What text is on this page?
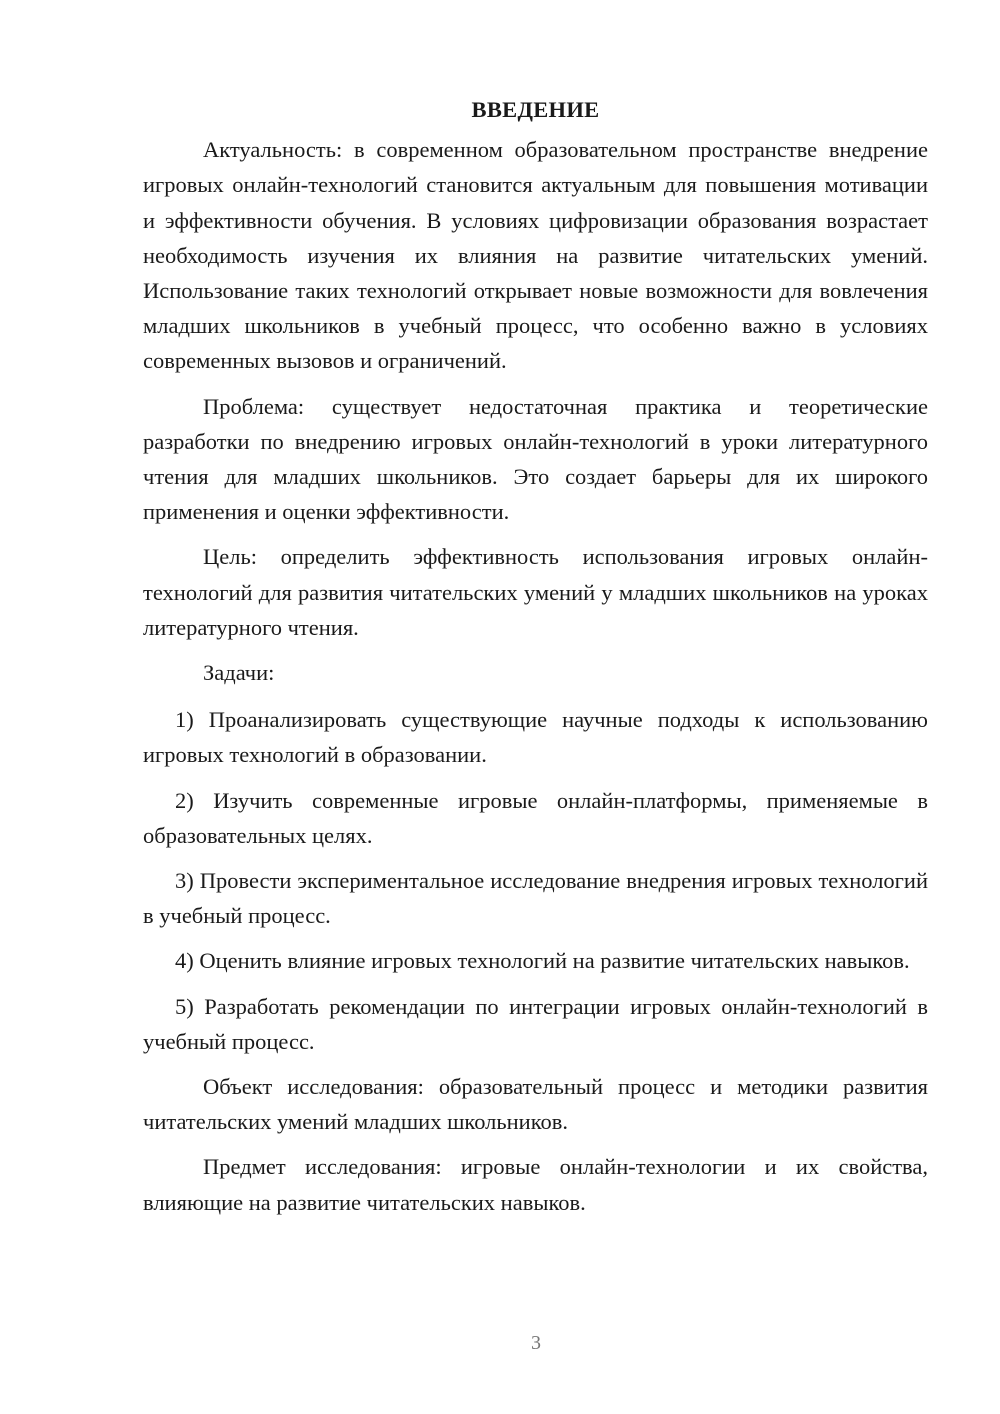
ВВЕДЕНИЕ

Актуальность: в современном образовательном пространстве внедрение игровых онлайн-технологий становится актуальным для повышения мотивации и эффективности обучения. В условиях цифровизации образования возрастает необходимость изучения их влияния на развитие читательских умений. Использование таких технологий открывает новые возможности для вовлечения младших школьников в учебный процесс, что особенно важно в условиях современных вызовов и ограничений.

Проблема: существует недостаточная практика и теоретические разработки по внедрению игровых онлайн-технологий в уроки литературного чтения для младших школьников. Это создает барьеры для их широкого применения и оценки эффективности.

Цель: определить эффективность использования игровых онлайн-технологий для развития читательских умений у младших школьников на уроках литературного чтения.

Задачи:

1) Проанализировать существующие научные подходы к использованию игровых технологий в образовании.

2) Изучить современные игровые онлайн-платформы, применяемые в образовательных целях.

3) Провести экспериментальное исследование внедрения игровых технологий в учебный процесс.

4) Оценить влияние игровых технологий на развитие читательских навыков.

5) Разработать рекомендации по интеграции игровых онлайн-технологий в учебный процесс.

Объект исследования: образовательный процесс и методики развития читательских умений младших школьников.

Предмет исследования: игровые онлайн-технологии и их свойства, влияющие на развитие читательских навыков.

3
